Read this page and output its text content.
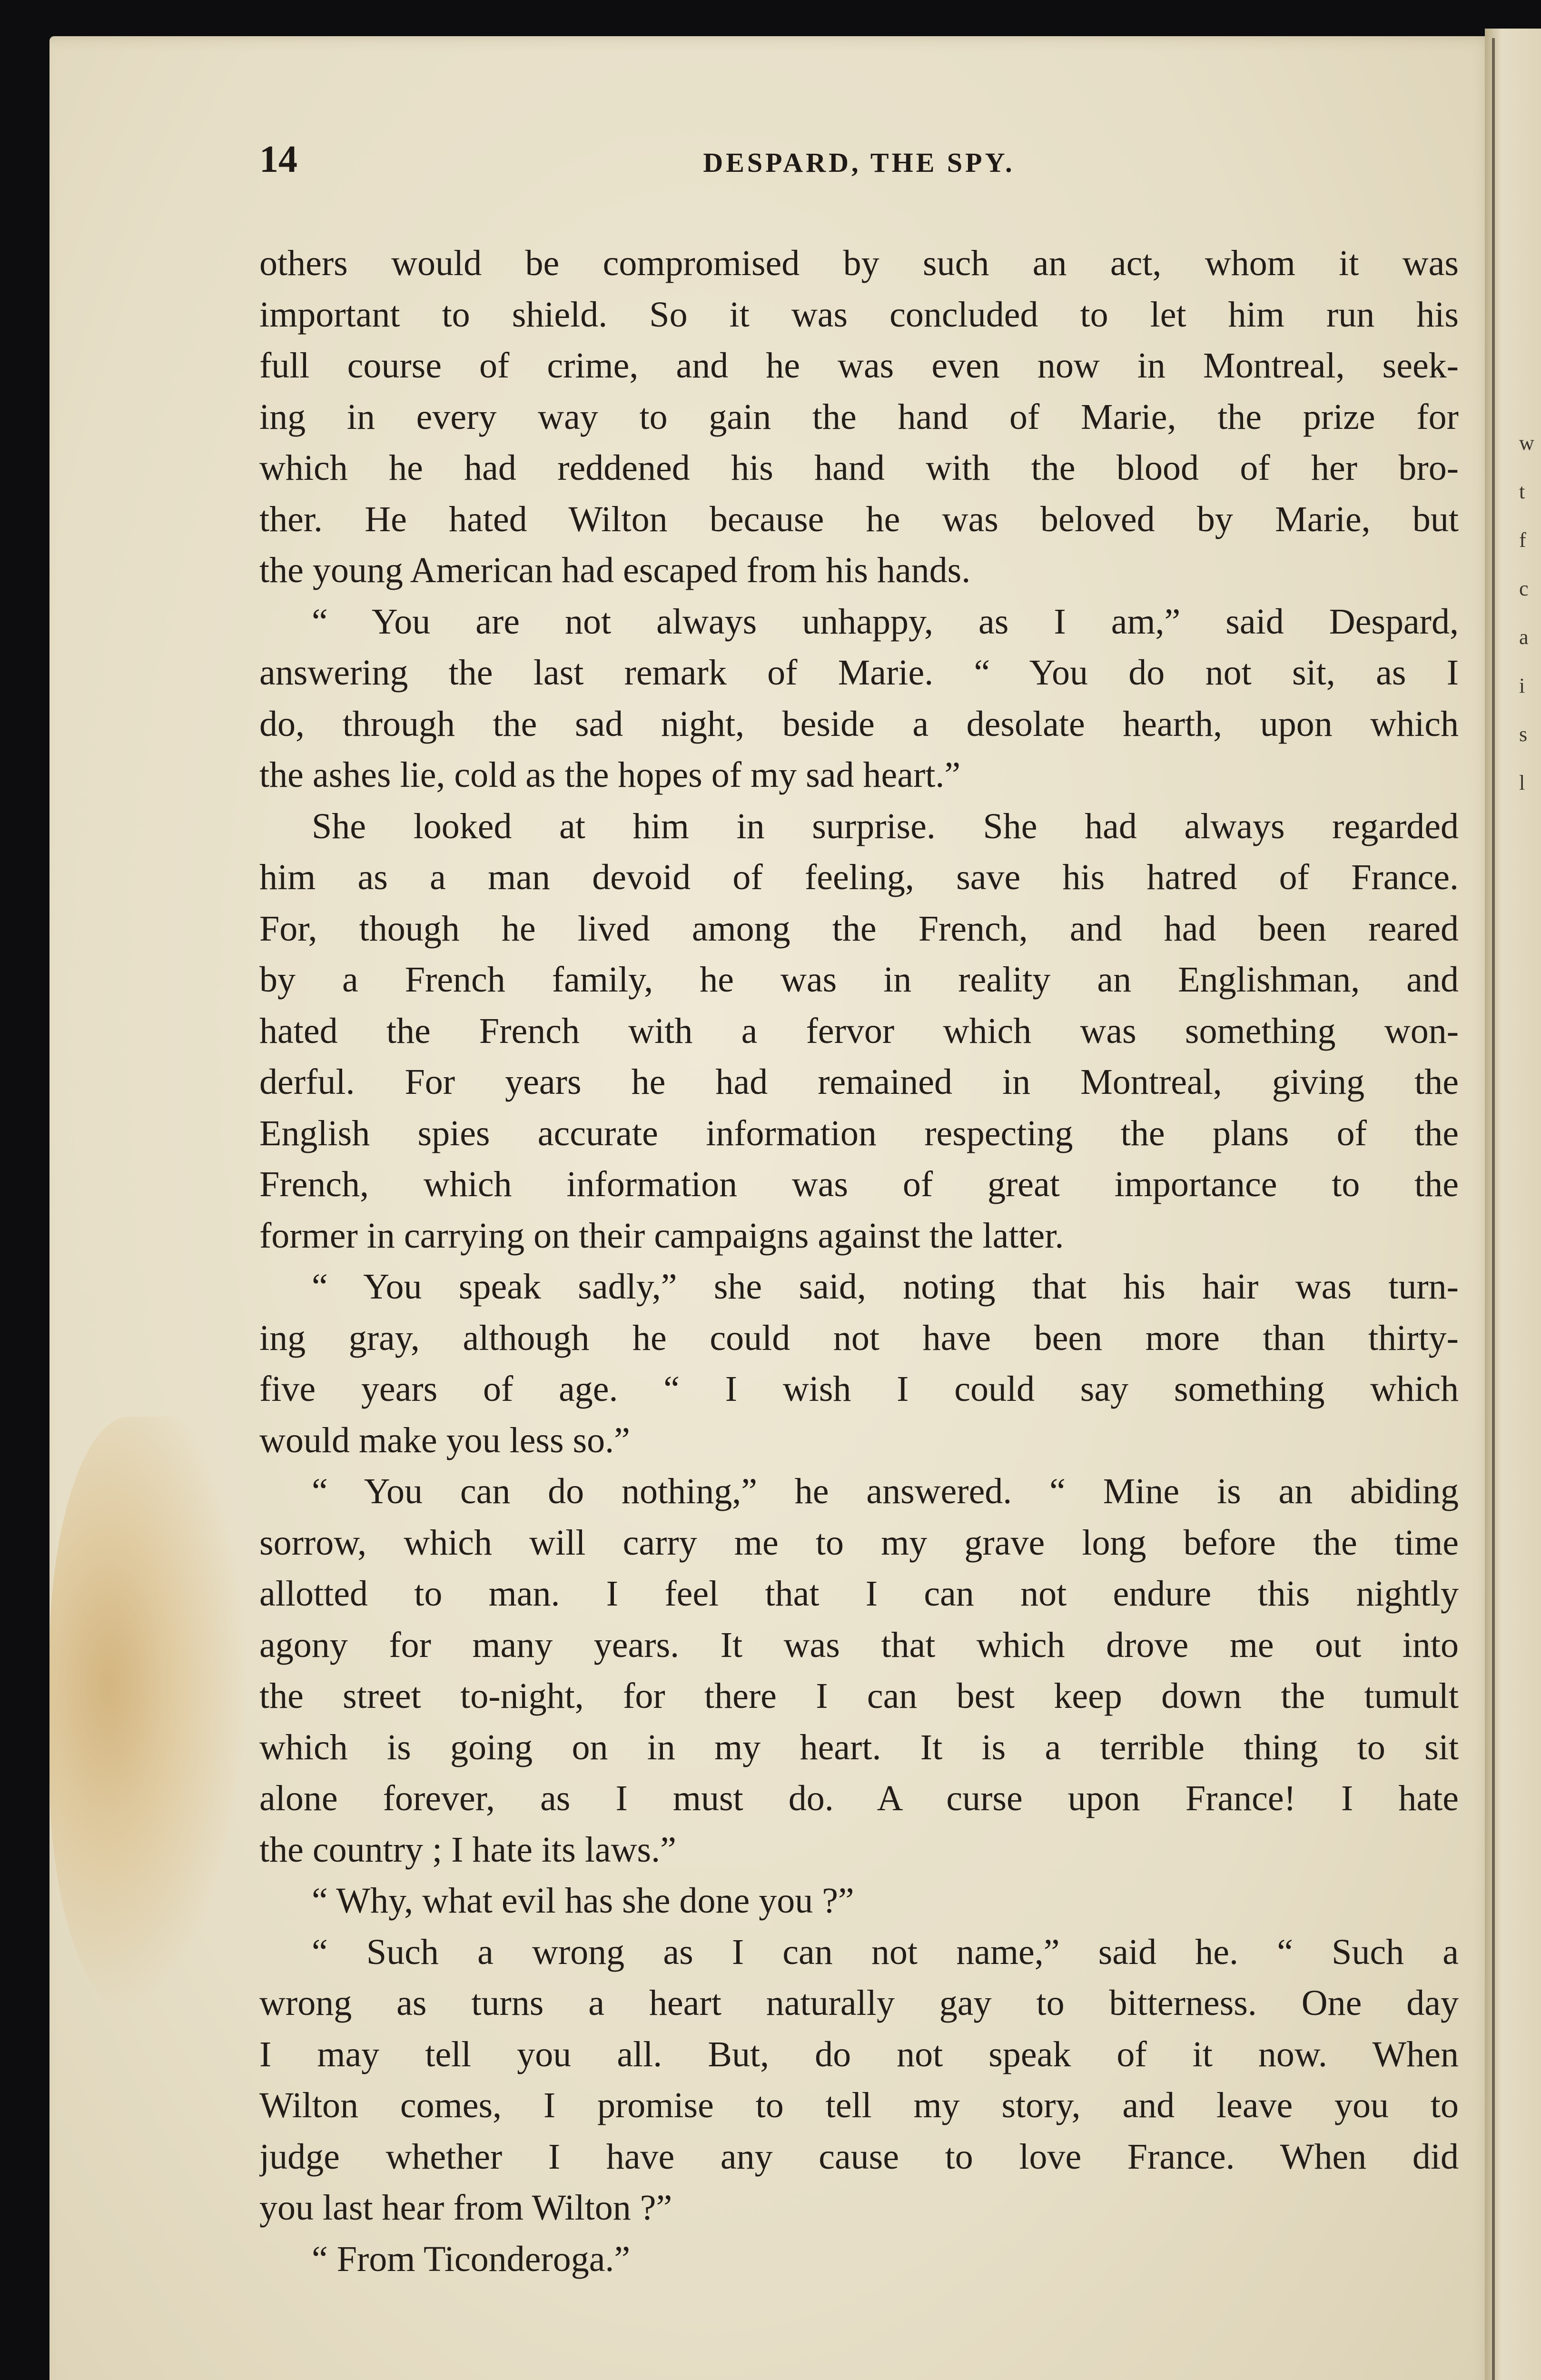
w
t
f
c
a
i
s
l
14	DESPARD, THE SPY.
others would be compromised by such an act, whom it was
important to shield. So it was concluded to let him run his
full course of crime, and he was even now in Montreal, seek-
ing in every way to gain the hand of Marie, the prize for
which he had reddened his hand with the blood of her bro-
ther. He hated Wilton because he was beloved by Marie, but
the young American had escaped from his hands.
“ You are not always unhappy, as I am,” said Despard,
answering the last remark of Marie. “ You do not sit, as I
do, through the sad night, beside a desolate hearth, upon which
the ashes lie, cold as the hopes of my sad heart.”
She looked at him in surprise. She had always regarded
him as a man devoid of feeling, save his hatred of France.
For, though he lived among the French, and had been reared
by a French family, he was in reality an Englishman, and
hated the French with a fervor which was something won-
derful. For years he had remained in Montreal, giving the
English spies accurate information respecting the plans of the
French, which information was of great importance to the
former in carrying on their campaigns against the latter.
“ You speak sadly,” she said, noting that his hair was turn-
ing gray, although he could not have been more than thirty-
five years of age. “ I wish I could say something which
would make you less so.”
“ You can do nothing,” he answered. “ Mine is an abiding
sorrow, which will carry me to my grave long before the time
allotted to man. I feel that I can not endure this nightly
agony for many years. It was that which drove me out into
the street to-night, for there I can best keep down the tumult
which is going on in my heart. It is a terrible thing to sit
alone forever, as I must do. A curse upon France! I hate
the country ; I hate its laws.”
“ Why, what evil has she done you ?”
“ Such a wrong as I can not name,” said he. “ Such a
wrong as turns a heart naturally gay to bitterness. One day
I may tell you all. But, do not speak of it now. When
Wilton comes, I promise to tell my story, and leave you to
judge whether I have any cause to love France. When did
you last hear from Wilton ?”
“ From Ticonderoga.”
